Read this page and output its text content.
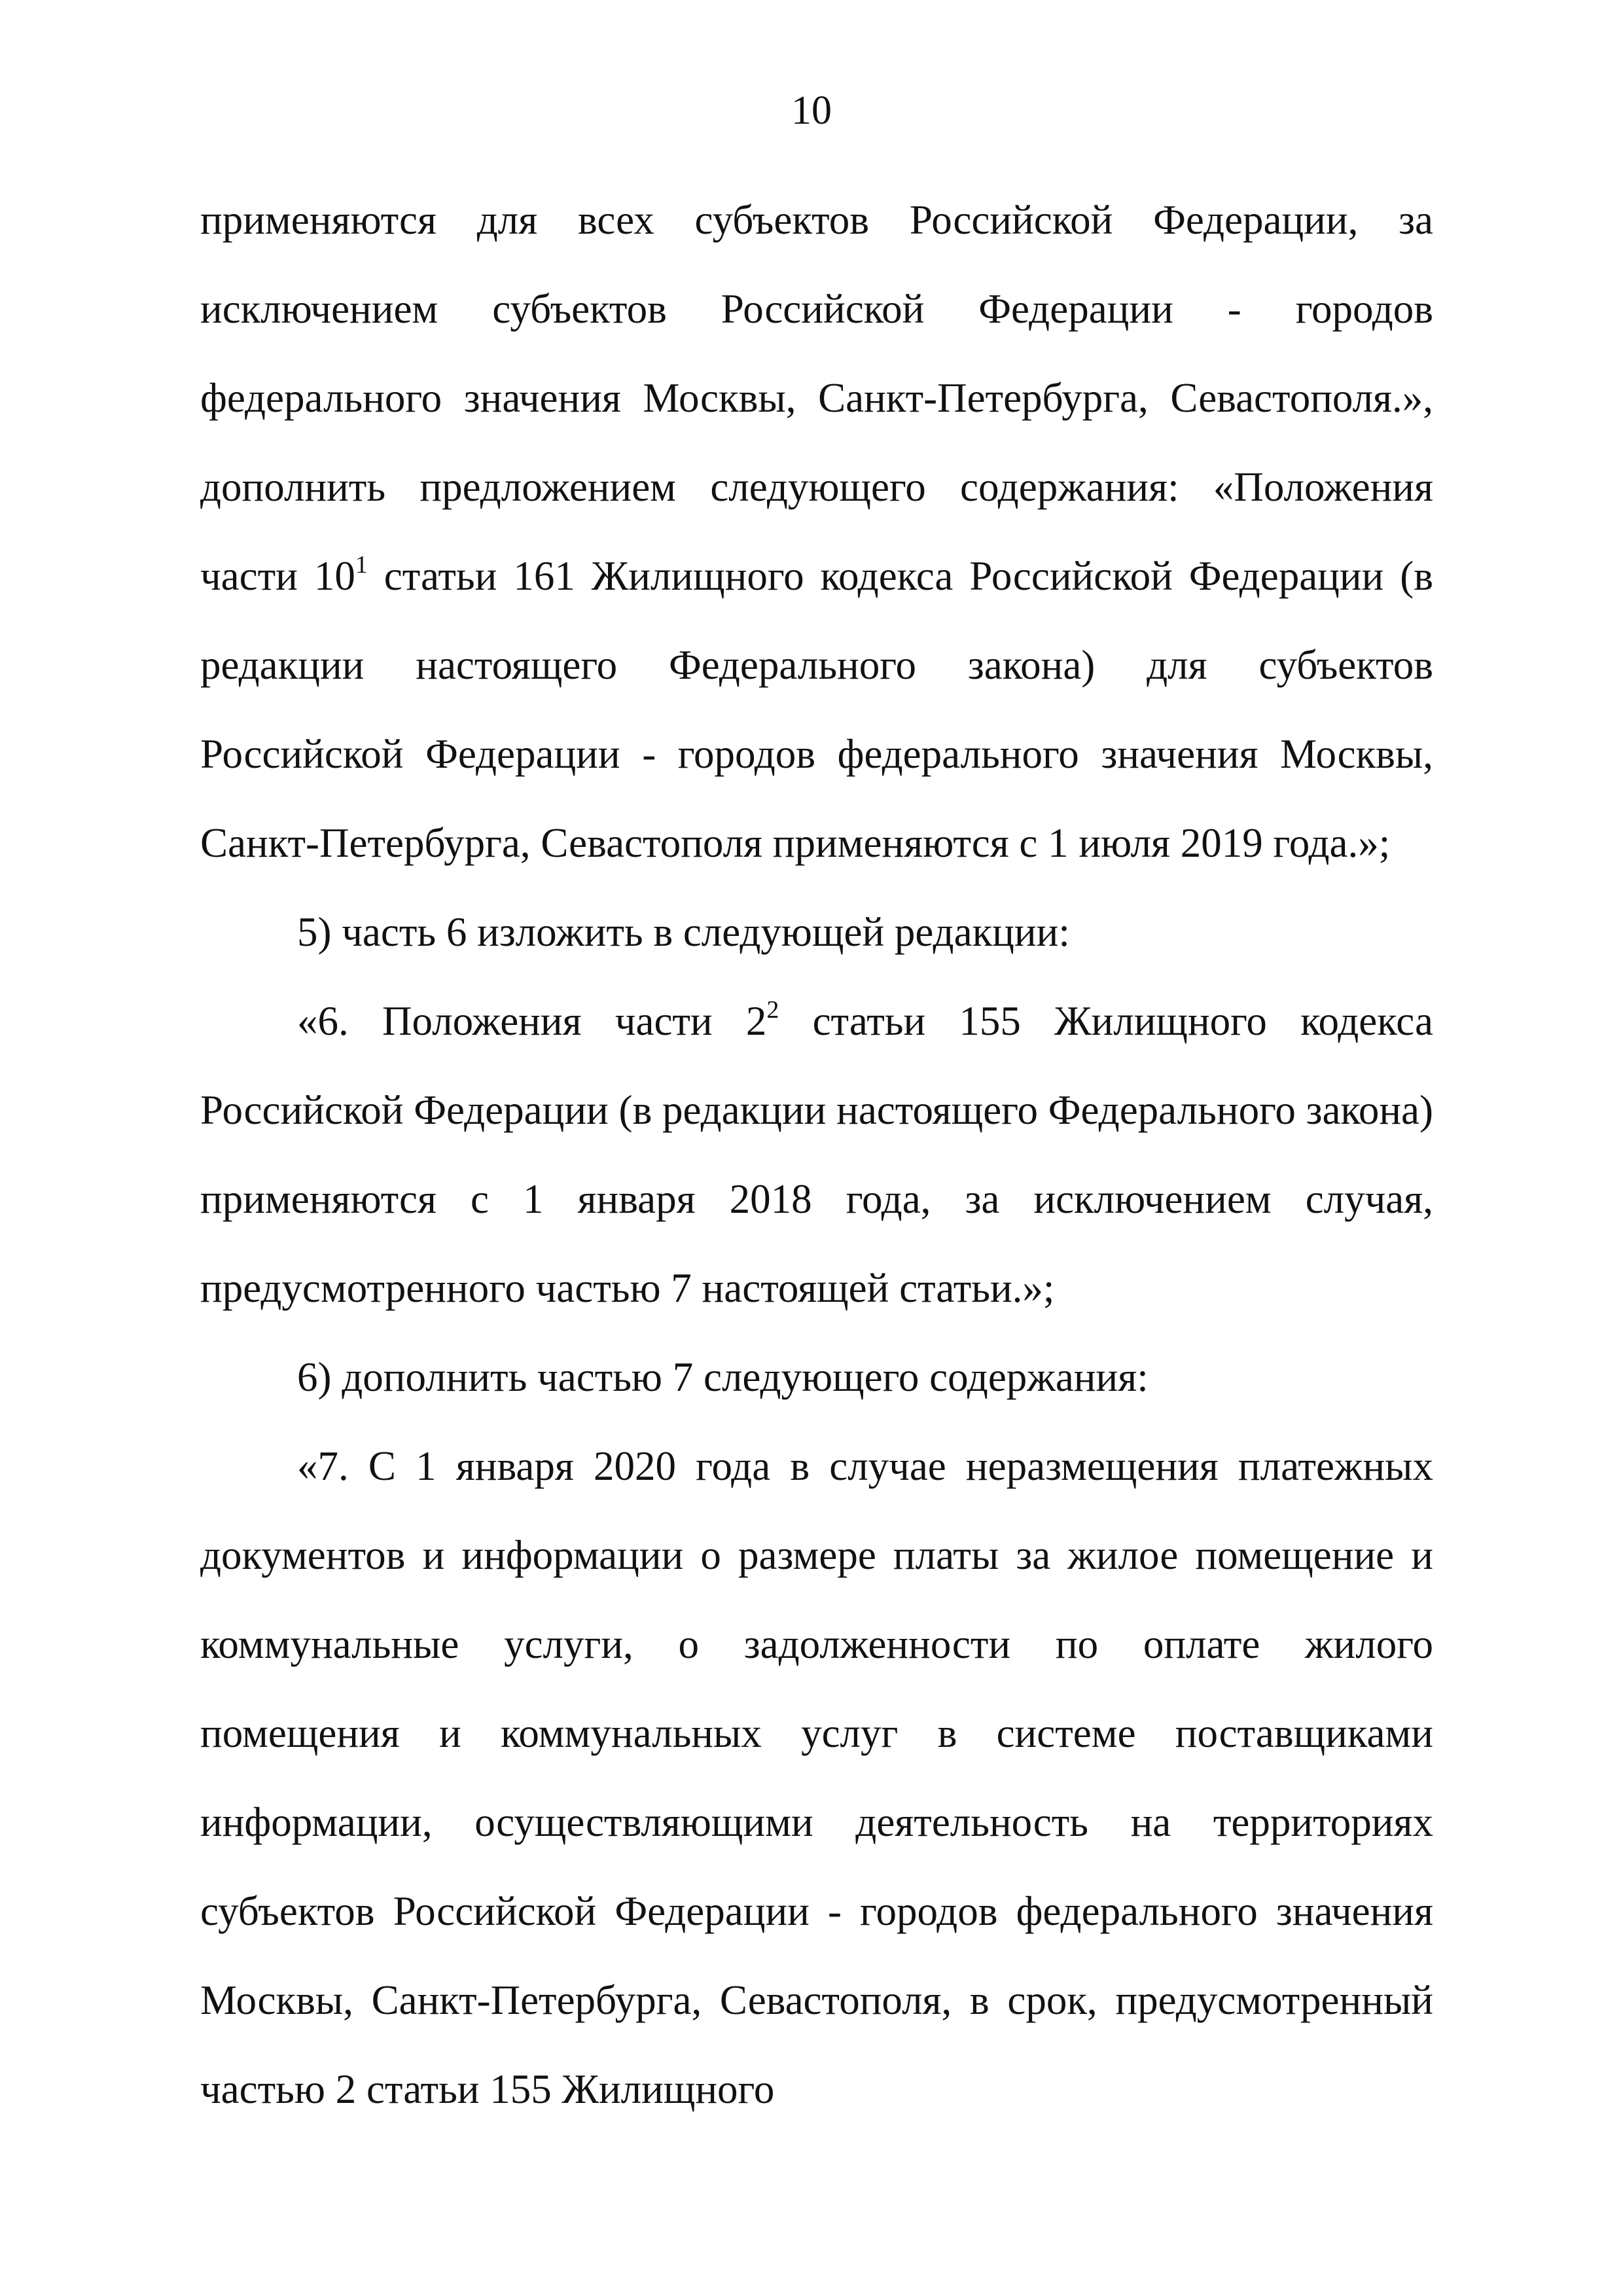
10

применяются для всех субъектов Российской Федерации, за исключением субъектов Российской Федерации - городов федерального значения Москвы, Санкт-Петербурга, Севастополя.», дополнить предложением следующего содержания: «Положения части $10^1$ статьи 161 Жилищного кодекса Российской Федерации (в редакции настоящего Федерального закона) для субъектов Российской Федерации - городов федерального значения Москвы, Санкт-Петербурга, Севастополя применяются с 1 июля 2019 года.»;

5) часть 6 изложить в следующей редакции:

«6. Положения части $2^2$ статьи 155 Жилищного кодекса Российской Федерации (в редакции настоящего Федерального закона) применяются с 1 января 2018 года, за исключением случая, предусмотренного частью 7 настоящей статьи.»;

6) дополнить частью 7 следующего содержания:

«7. С 1 января 2020 года в случае неразмещения платежных документов и информации о размере платы за жилое помещение и коммунальные услуги, о задолженности по оплате жилого помещения и коммунальных услуг в системе поставщиками информации, осуществляющими деятельность на территориях субъектов Российской Федерации - городов федерального значения Москвы, Санкт-Петербурга, Севастополя, в срок, предусмотренный частью 2 статьи 155 Жилищного
